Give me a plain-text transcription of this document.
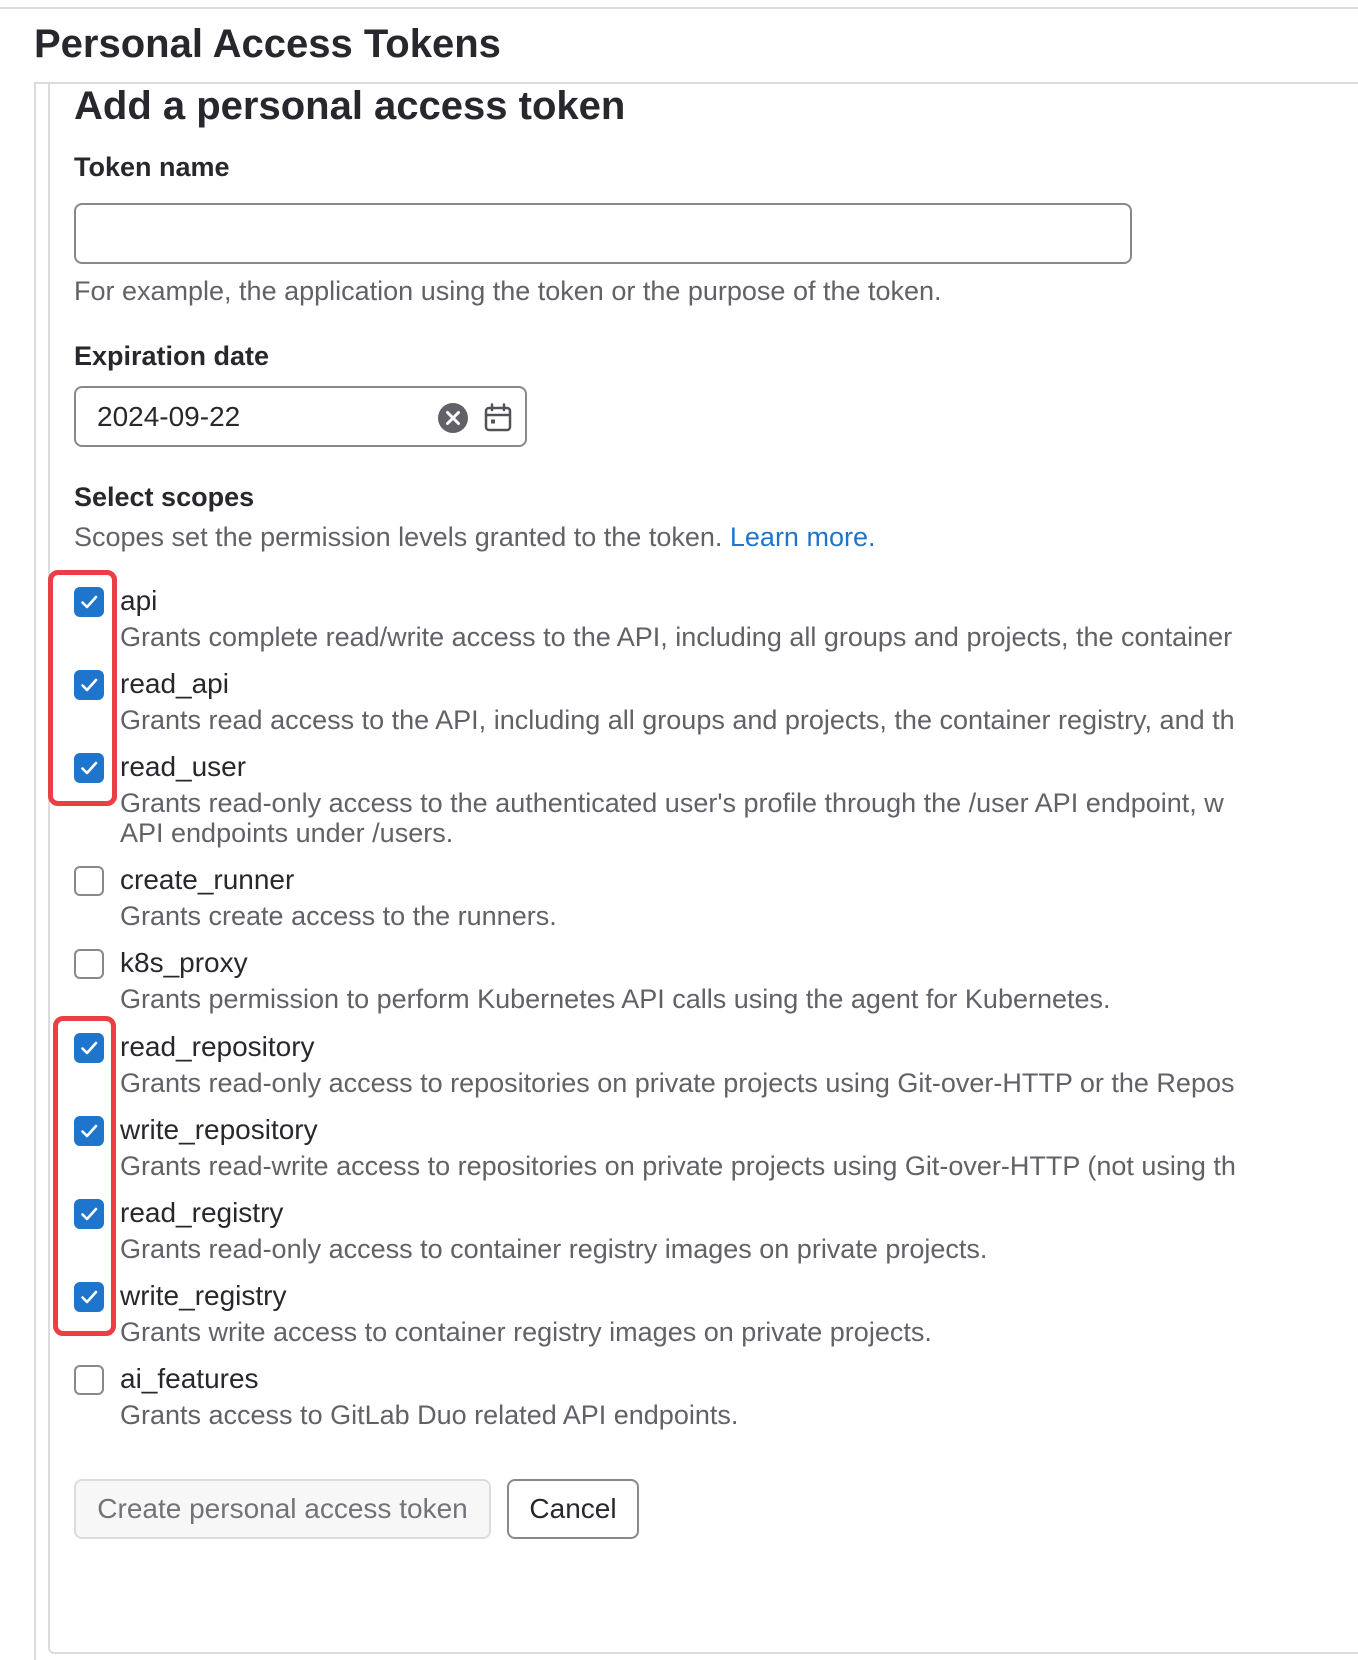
Personal Access Tokens
Add a personal access token
Token name

For example, the application using the token or the purpose of the token.

Expiration date
2024-09-22
Select scopes

Scopes set the permission levels granted to the token. Learn more.

api
Grants complete read/write access to the API, including all groups and projects, the container
read_api
Grants read access to the API, including all groups and projects, the container registry, and th
read_user
Grants read-only access to the authenticated user's profile through the /user API endpoint, w
API endpoints under /users.
create_runner
Grants create access to the runners.
k8s_proxy
Grants permission to perform Kubernetes API calls using the agent for Kubernetes.
read_repository
Grants read-only access to repositories on private projects using Git-over-HTTP or the Repos
write_repository
Grants read-write access to repositories on private projects using Git-over-HTTP (not using th
read_registry
Grants read-only access to container registry images on private projects.
write_registry
Grants write access to container registry images on private projects.
ai_features
Grants access to GitLab Duo related API endpoints.
Create personal access token	Cancel
